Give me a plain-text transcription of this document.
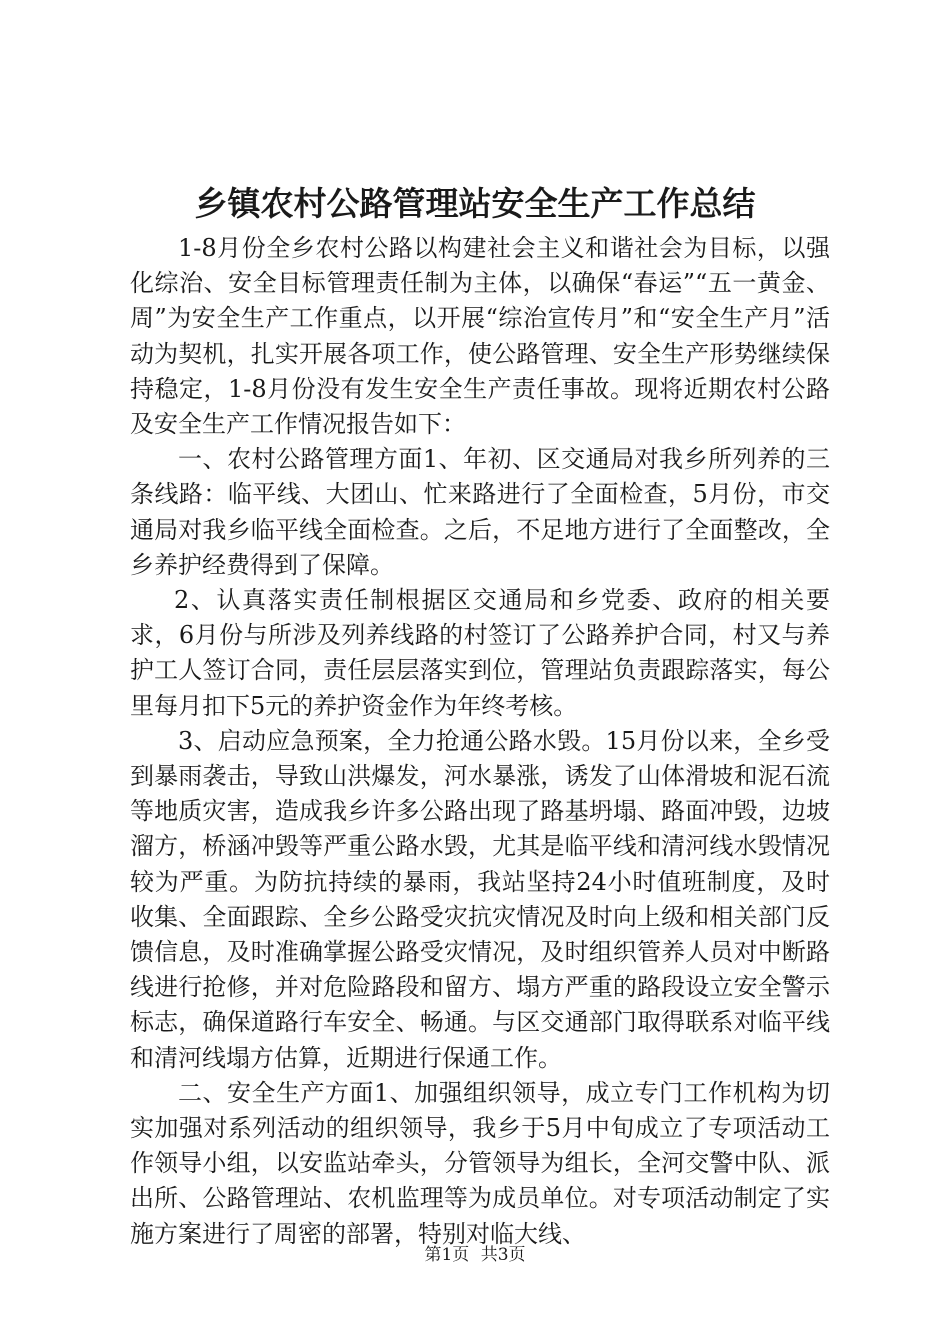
乡镇农村公路管理站安全生产工作总结

1-8月份全乡农村公路以构建社会主义和谐社会为目标，以强化综治、安全目标管理责任制为主体，以确保“春运”“五一黄金、周”为安全生产工作重点，以开展“综治宣传月”和“安全生产月”活动为契机，扎实开展各项工作，使公路管理、安全生产形势继续保持稳定，1-8月份没有发生安全生产责任事故。现将近期农村公路及安全生产工作情况报告如下：

一、农村公路管理方面1、年初、区交通局对我乡所列养的三条线路：临平线、大团山、忙来路进行了全面检查，5月份，市交通局对我乡临平线全面检查。之后，不足地方进行了全面整改，全乡养护经费得到了保障。

2、认真落实责任制根据区交通局和乡党委、政府的相关要求，6月份与所涉及列养线路的村签订了公路养护合同，村又与养护工人签订合同，责任层层落实到位，管理站负责跟踪落实，每公里每月扣下5元的养护资金作为年终考核。

3、启动应急预案，全力抢通公路水毁。15月份以来，全乡受到暴雨袭击，导致山洪爆发，河水暴涨，诱发了山体滑坡和泥石流等地质灾害，造成我乡许多公路出现了路基坍塌、路面冲毁，边坡溜方，桥涵冲毁等严重公路水毁，尤其是临平线和清河线水毁情况较为严重。为防抗持续的暴雨，我站坚持24小时值班制度，及时收集、全面跟踪、全乡公路受灾抗灾情况及时向上级和相关部门反馈信息，及时准确掌握公路受灾情况，及时组织管养人员对中断路线进行抢修，并对危险路段和留方、塌方严重的路段设立安全警示标志，确保道路行车安全、畅通。与区交通部门取得联系对临平线和清河线塌方估算，近期进行保通工作。

二、安全生产方面1、加强组织领导，成立专门工作机构为切实加强对系列活动的组织领导，我乡于5月中旬成立了专项活动工作领导小组，以安监站牵头，分管领导为组长，全河交警中队、派出所、公路管理站、农机监理等为成员单位。对专项活动制定了实施方案进行了周密的部署，特别对临大线、

第1页 共3页
